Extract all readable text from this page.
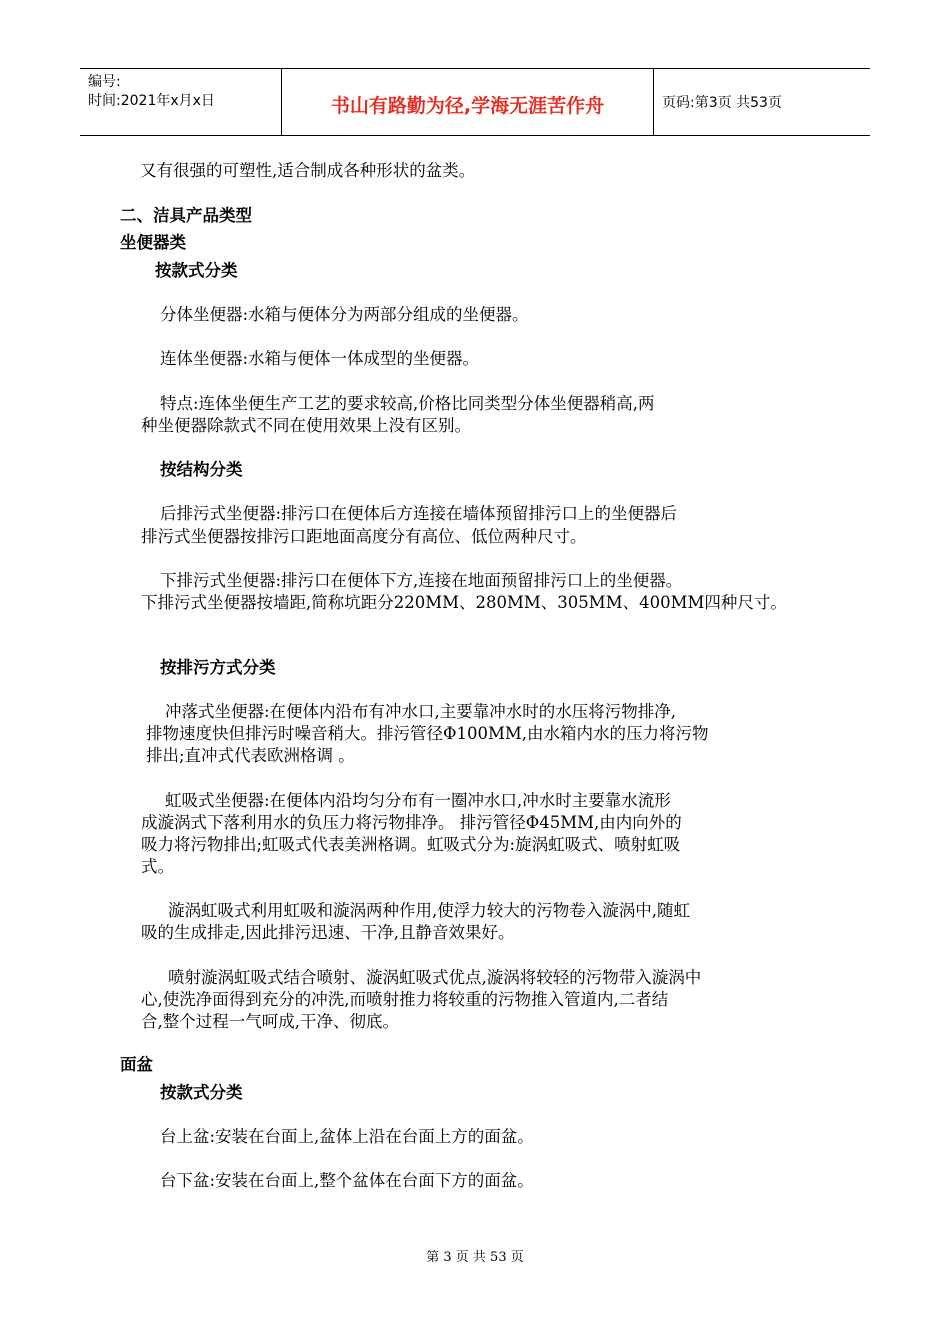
编号:
时间:2021年x月x日	书山有路勤为径,学海无涯苦作舟	页码:第3页 共53页
又有很强的可塑性,适合制成各种形状的盆类。
二、洁具产品类型
坐便器类
按款式分类
分体坐便器:水箱与便体分为两部分组成的坐便器。
连体坐便器:水箱与便体一体成型的坐便器。
特点:连体坐便生产工艺的要求较高,价格比同类型分体坐便器稍高,两
种坐便器除款式不同在使用效果上没有区别。
按结构分类
后排污式坐便器:排污口在便体后方连接在墙体预留排污口上的坐便器后
排污式坐便器按排污口距地面高度分有高位、低位两种尺寸。
下排污式坐便器:排污口在便体下方,连接在地面预留排污口上的坐便器。
下排污式坐便器按墙距,简称坑距分220MM、280MM、305MM、400MM四种尺寸。
按排污方式分类
冲落式坐便器:在便体内沿布有冲水口,主要靠冲水时的水压将污物排净,
排物速度快但排污时噪音稍大。排污管径Φ100MM,由水箱内水的压力将污物
排出;直冲式代表欧洲格调 。
虹吸式坐便器:在便体内沿均匀分布有一圈冲水口,冲水时主要靠水流形
成漩涡式下落利用水的负压力将污物排净。 排污管径Φ45MM,由内向外的
吸力将污物排出;虹吸式代表美洲格调。虹吸式分为:旋涡虹吸式、喷射虹吸
式。
漩涡虹吸式利用虹吸和漩涡两种作用,使浮力较大的污物卷入漩涡中,随虹
吸的生成排走,因此排污迅速、干净,且静音效果好。
喷射漩涡虹吸式结合喷射、漩涡虹吸式优点,漩涡将较轻的污物带入漩涡中
心,使洗净面得到充分的冲洗,而喷射推力将较重的污物推入管道内,二者结
合,整个过程一气呵成,干净、彻底。
面盆
按款式分类
台上盆:安装在台面上,盆体上沿在台面上方的面盆。
台下盆:安装在台面上,整个盆体在台面下方的面盆。
第 3 页 共 53 页
